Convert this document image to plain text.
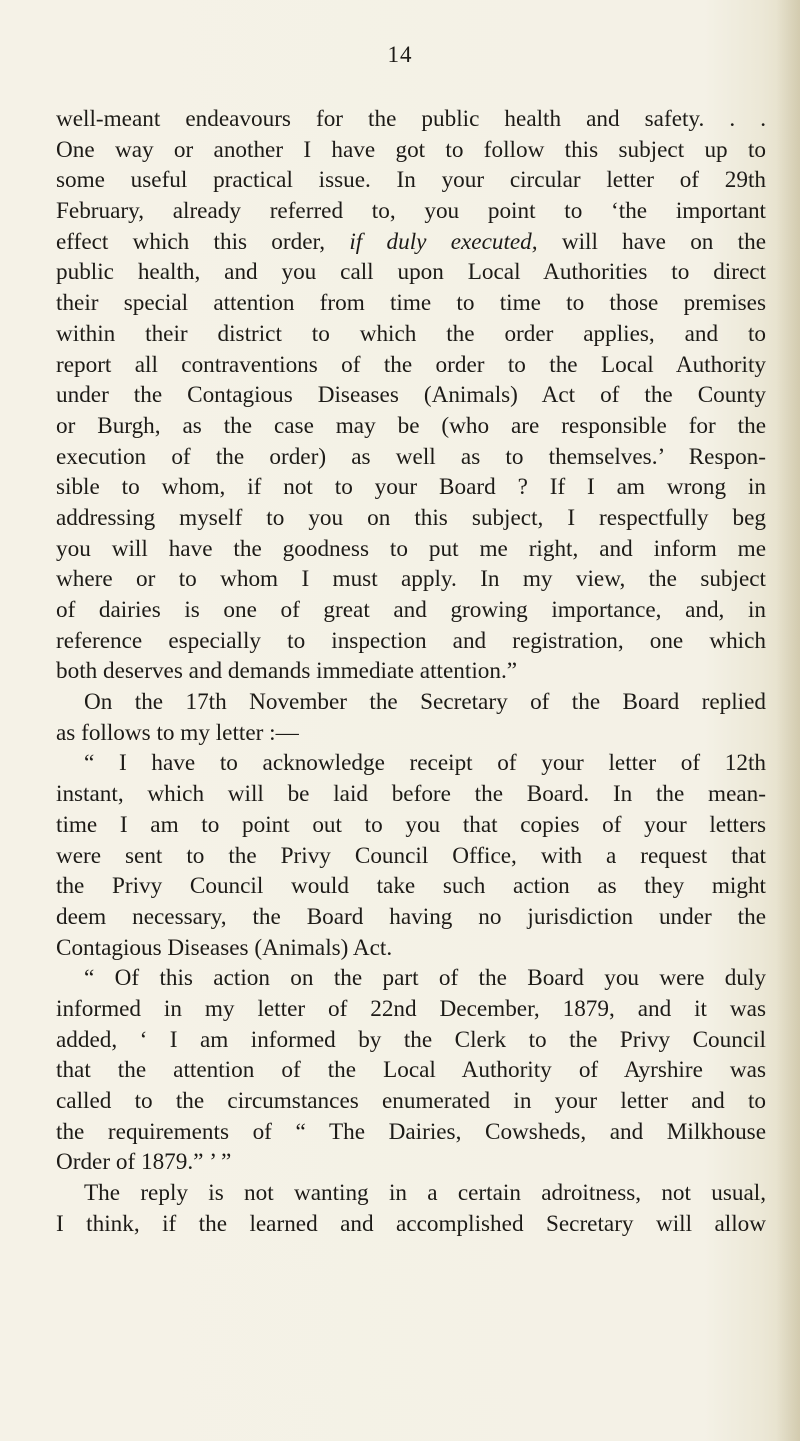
14
well-meant endeavours for the public health and safety. . .
One way or another I have got to follow this subject up to
some useful practical issue. In your circular letter of 29th
February, already referred to, you point to ‘the important
effect which this order, if duly executed, will have on the
public health, and you call upon Local Authorities to direct
their special attention from time to time to those premises
within their district to which the order applies, and to
report all contraventions of the order to the Local Authority
under the Contagious Diseases (Animals) Act of the County
or Burgh, as the case may be (who are responsible for the
execution of the order) as well as to themselves.’ Respon-
sible to whom, if not to your Board ? If I am wrong in
addressing myself to you on this subject, I respectfully beg
you will have the goodness to put me right, and inform me
where or to whom I must apply. In my view, the subject
of dairies is one of great and growing importance, and, in
reference especially to inspection and registration, one which
both deserves and demands immediate attention.”
On the 17th November the Secretary of the Board replied
as follows to my letter :—
“ I have to acknowledge receipt of your letter of 12th
instant, which will be laid before the Board. In the mean-
time I am to point out to you that copies of your letters
were sent to the Privy Council Office, with a request that
the Privy Council would take such action as they might
deem necessary, the Board having no jurisdiction under the
Contagious Diseases (Animals) Act.
“ Of this action on the part of the Board you were duly
informed in my letter of 22nd December, 1879, and it was
added, ‘ I am informed by the Clerk to the Privy Council
that the attention of the Local Authority of Ayrshire was
called to the circumstances enumerated in your letter and to
the requirements of “ The Dairies, Cowsheds, and Milkhouse
Order of 1879.” ’ ”
The reply is not wanting in a certain adroitness, not usual,
I think, if the learned and accomplished Secretary will allow
